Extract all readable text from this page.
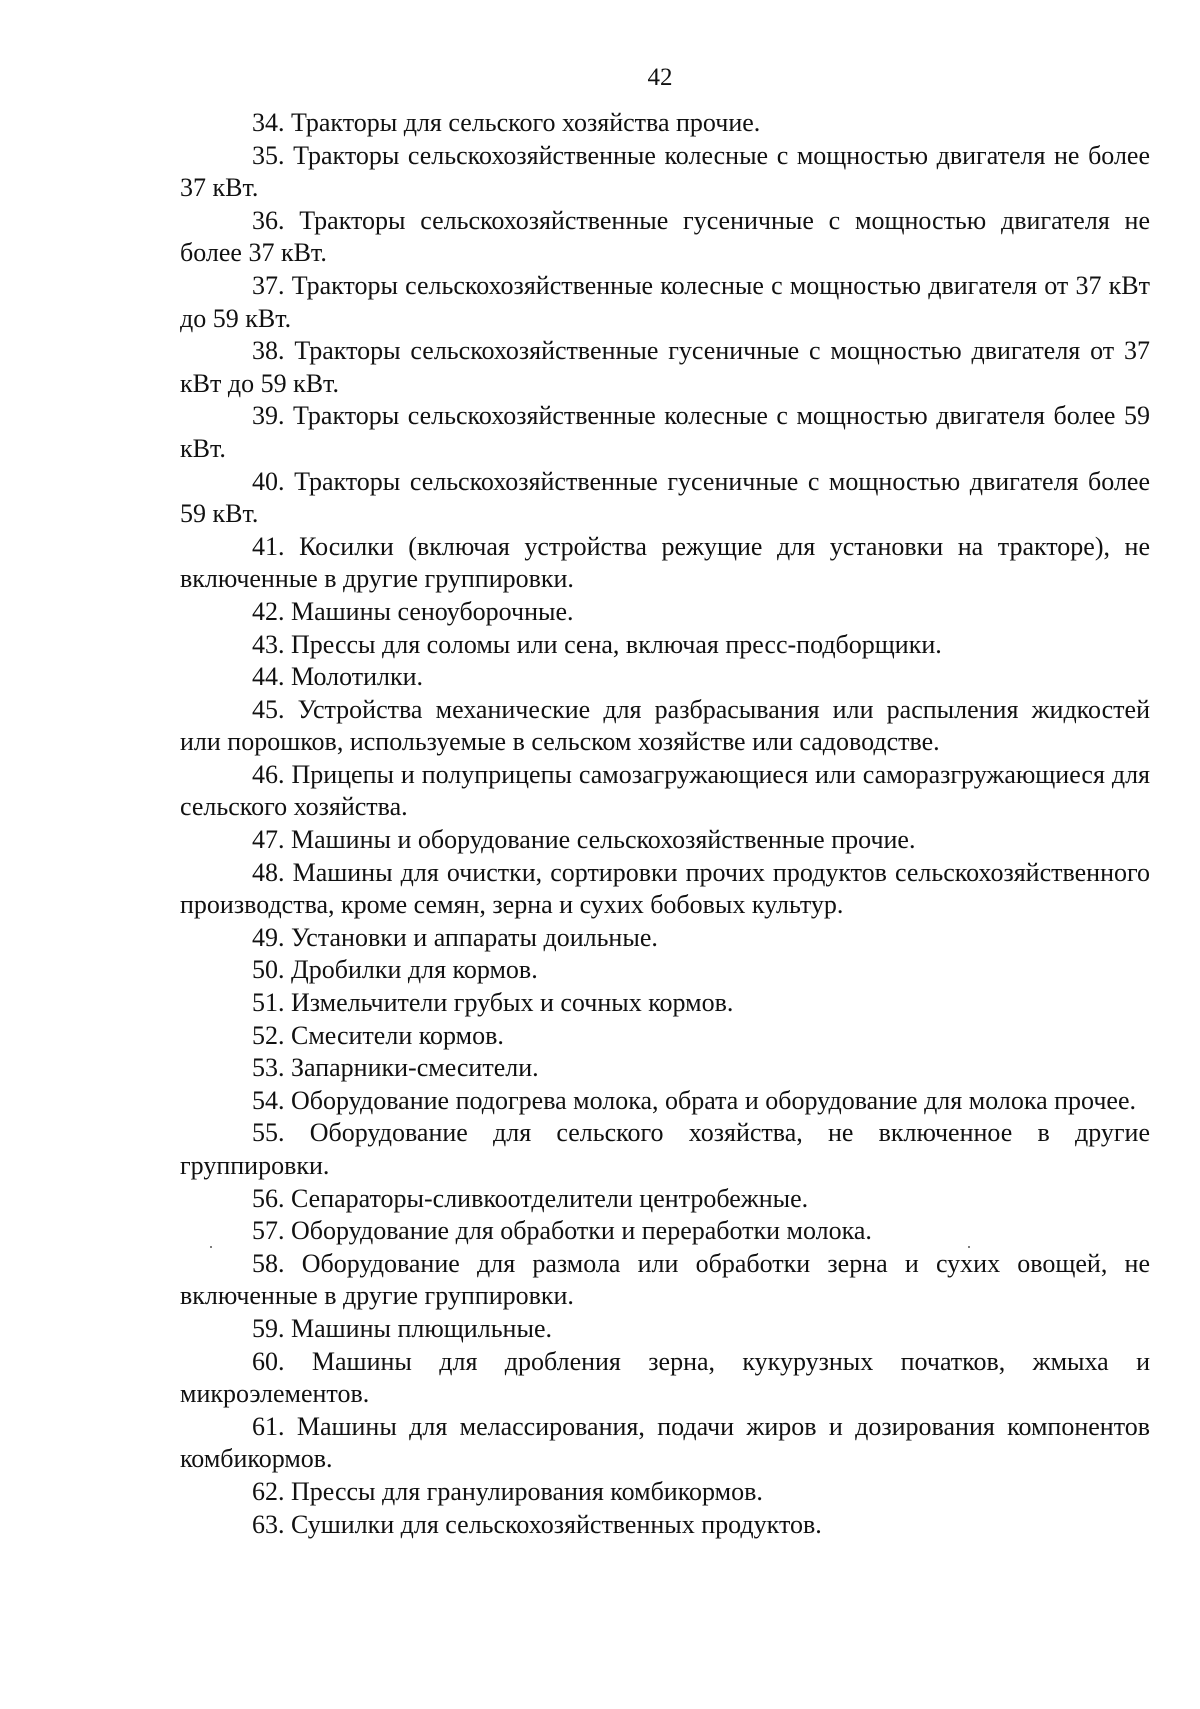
42

34. Тракторы для сельского хозяйства прочие.

35. Тракторы сельскохозяйственные колесные с мощностью двигателя не более 37 кВт.

36. Тракторы сельскохозяйственные гусеничные с мощностью двигателя не более 37 кВт.

37. Тракторы сельскохозяйственные колесные с мощностью двигателя от 37 кВт до 59 кВт.

38. Тракторы сельскохозяйственные гусеничные с мощностью двигателя от 37 кВт до 59 кВт.

39. Тракторы сельскохозяйственные колесные с мощностью двигателя более 59 кВт.

40. Тракторы сельскохозяйственные гусеничные с мощностью двигателя более 59 кВт.

41. Косилки (включая устройства режущие для установки на тракторе), не включенные в другие группировки.

42. Машины сеноуборочные.

43. Прессы для соломы или сена, включая пресс-подборщики.

44. Молотилки.

45. Устройства механические для разбрасывания или распыления жидкостей или порошков, используемые в сельском хозяйстве или садоводстве.

46. Прицепы и полуприцепы самозагружающиеся или саморазгружающиеся для сельского хозяйства.

47. Машины и оборудование сельскохозяйственные прочие.

48. Машины для очистки, сортировки прочих продуктов сельскохозяйственного производства, кроме семян, зерна и сухих бобовых культур.

49. Установки и аппараты доильные.

50. Дробилки для кормов.

51. Измельчители грубых и сочных кормов.

52. Смесители кормов.

53. Запарники-смесители.

54. Оборудование подогрева молока, обрата и оборудование для молока прочее.

55. Оборудование для сельского хозяйства, не включенное в другие группировки.

56. Сепараторы-сливкоотделители центробежные.

57. Оборудование для обработки и переработки молока.

58. Оборудование для размола или обработки зерна и сухих овощей, не включенные в другие группировки.

59. Машины плющильные.

60. Машины для дробления зерна, кукурузных початков, жмыха и микроэлементов.

61. Машины для мелассирования, подачи жиров и дозирования компонентов комбикормов.

62. Прессы для гранулирования комбикормов.

63. Сушилки для сельскохозяйственных продуктов.
